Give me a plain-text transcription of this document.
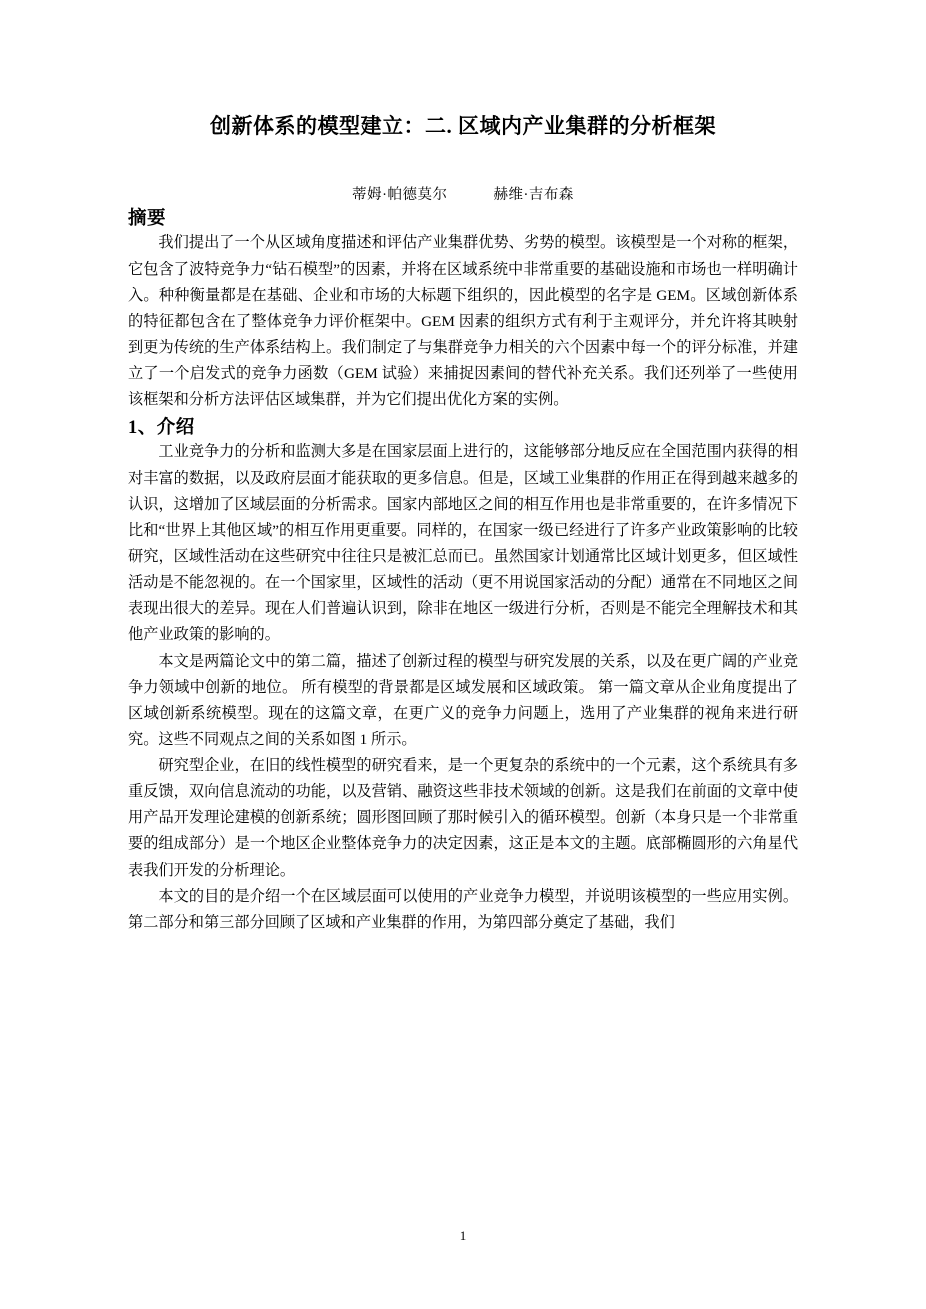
创新体系的模型建立：二. 区域内产业集群的分析框架
蒂姆·帕德莫尔	赫维·吉布森
摘要

我们提出了一个从区域角度描述和评估产业集群优势、劣势的模型。该模型是一个对称的框架，它包含了波特竞争力“钻石模型”的因素，并将在区域系统中非常重要的基础设施和市场也一样明确计入。种种衡量都是在基础、企业和市场的大标题下组织的，因此模型的名字是 GEM。区域创新体系的特征都包含在了整体竞争力评价框架中。GEM 因素的组织方式有利于主观评分，并允许将其映射到更为传统的生产体系结构上。我们制定了与集群竞争力相关的六个因素中每一个的评分标准，并建立了一个启发式的竞争力函数（GEM 试验）来捕捉因素间的替代补充关系。我们还列举了一些使用该框架和分析方法评估区域集群，并为它们提出优化方案的实例。

1、介绍

工业竞争力的分析和监测大多是在国家层面上进行的，这能够部分地反应在全国范围内获得的相对丰富的数据，以及政府层面才能获取的更多信息。但是，区域工业集群的作用正在得到越来越多的认识，这增加了区域层面的分析需求。国家内部地区之间的相互作用也是非常重要的，在许多情况下比和“世界上其他区域”的相互作用更重要。同样的，在国家一级已经进行了许多产业政策影响的比较研究，区域性活动在这些研究中往往只是被汇总而已。虽然国家计划通常比区域计划更多，但区域性活动是不能忽视的。在一个国家里，区域性的活动（更不用说国家活动的分配）通常在不同地区之间表现出很大的差异。现在人们普遍认识到，除非在地区一级进行分析，否则是不能完全理解技术和其他产业政策的影响的。

本文是两篇论文中的第二篇，描述了创新过程的模型与研究发展的关系，以及在更广阔的产业竞争力领域中创新的地位。 所有模型的背景都是区域发展和区域政策。 第一篇文章从企业角度提出了区域创新系统模型。现在的这篇文章，在更广义的竞争力问题上，选用了产业集群的视角来进行研究。这些不同观点之间的关系如图 1 所示。

研究型企业，在旧的线性模型的研究看来，是一个更复杂的系统中的一个元素，这个系统具有多重反馈，双向信息流动的功能，以及营销、融资这些非技术领域的创新。这是我们在前面的文章中使用产品开发理论建模的创新系统；圆形图回顾了那时候引入的循环模型。创新（本身只是一个非常重要的组成部分）是一个地区企业整体竞争力的决定因素，这正是本文的主题。底部椭圆形的六角星代表我们开发的分析理论。

本文的目的是介绍一个在区域层面可以使用的产业竞争力模型，并说明该模型的一些应用实例。第二部分和第三部分回顾了区域和产业集群的作用，为第四部分奠定了基础，我们

1
